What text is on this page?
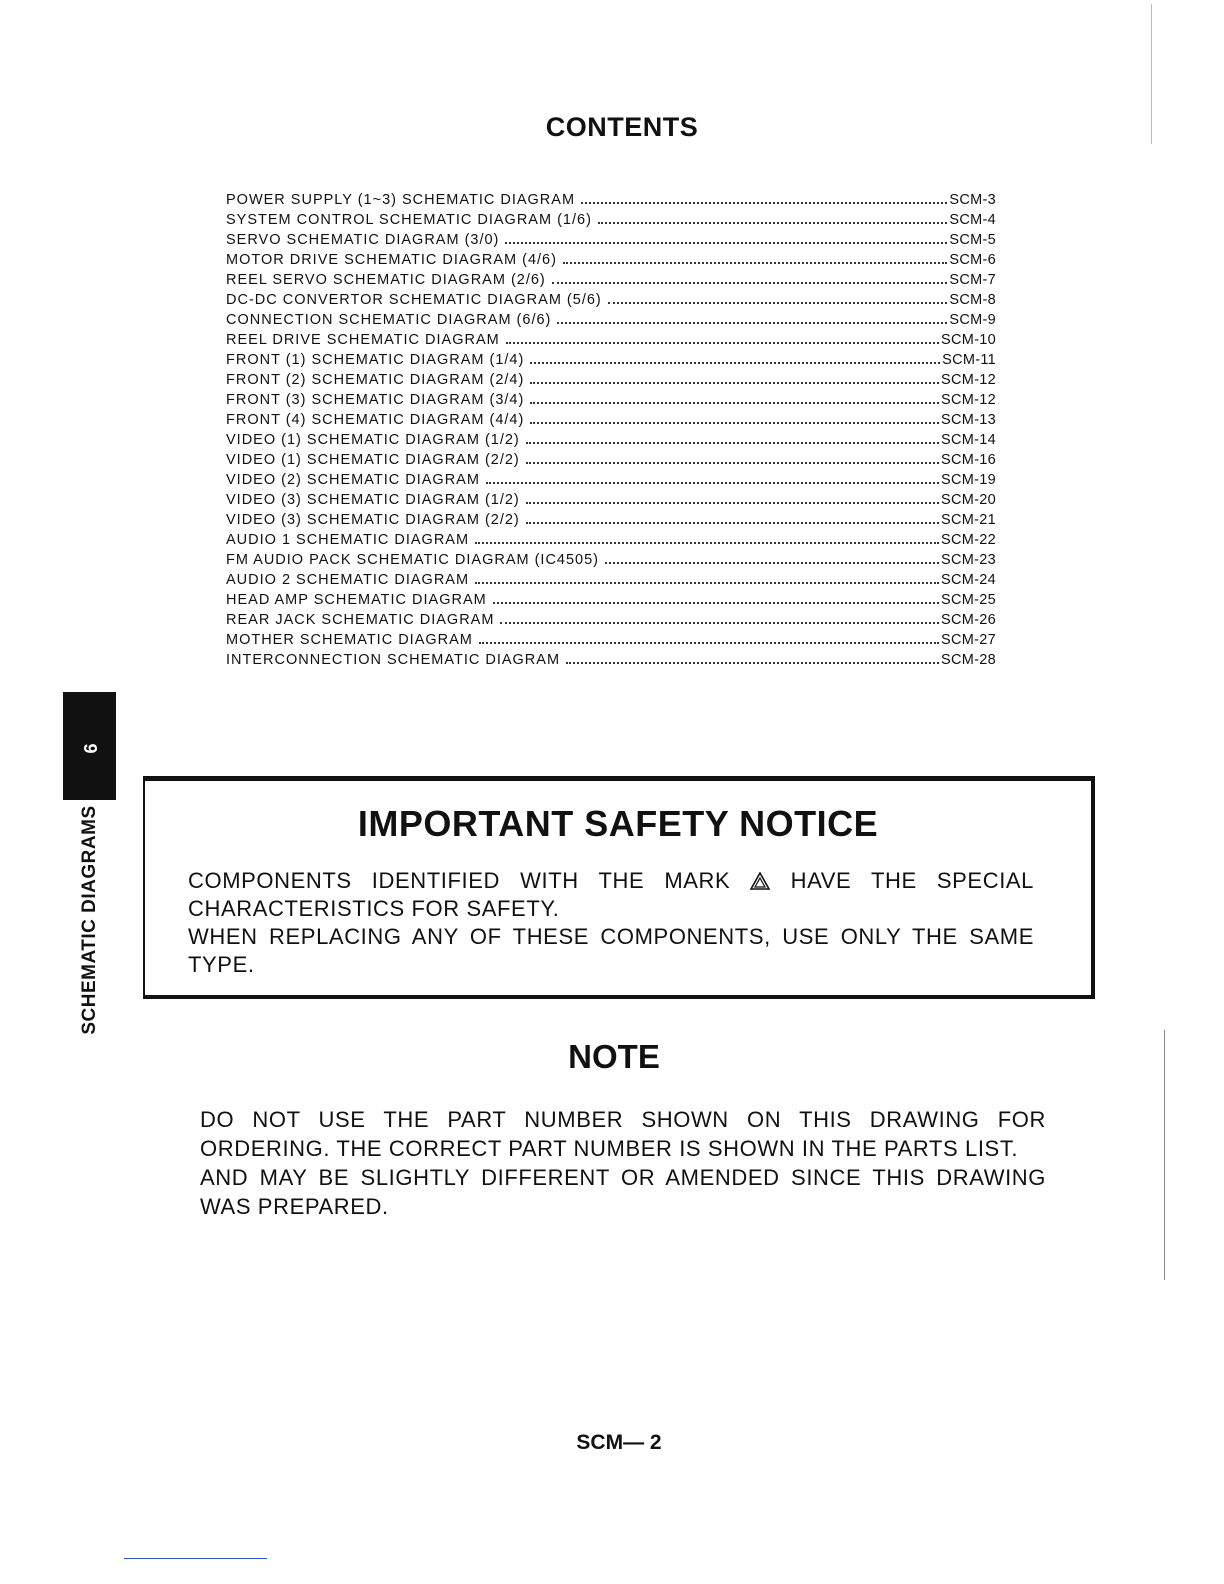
CONTENTS
POWER SUPPLY (1~3) SCHEMATIC DIAGRAM	SCM-3
SYSTEM CONTROL SCHEMATIC DIAGRAM (1/6)	SCM-4
SERVO SCHEMATIC DIAGRAM (3/0)	SCM-5
MOTOR DRIVE SCHEMATIC DIAGRAM (4/6)	SCM-6
REEL SERVO SCHEMATIC DIAGRAM (2/6)	SCM-7
DC-DC CONVERTOR SCHEMATIC DIAGRAM (5/6)	SCM-8
CONNECTION SCHEMATIC DIAGRAM (6/6)	SCM-9
REEL DRIVE SCHEMATIC DIAGRAM	SCM-10
FRONT (1) SCHEMATIC DIAGRAM (1/4)	SCM-11
FRONT (2) SCHEMATIC DIAGRAM (2/4)	SCM-12
FRONT (3) SCHEMATIC DIAGRAM (3/4)	SCM-12
FRONT (4) SCHEMATIC DIAGRAM (4/4)	SCM-13
VIDEO (1) SCHEMATIC DIAGRAM (1/2)	SCM-14
VIDEO (1) SCHEMATIC DIAGRAM (2/2)	SCM-16
VIDEO (2) SCHEMATIC DIAGRAM	SCM-19
VIDEO (3) SCHEMATIC DIAGRAM (1/2)	SCM-20
VIDEO (3) SCHEMATIC DIAGRAM (2/2)	SCM-21
AUDIO 1 SCHEMATIC DIAGRAM	SCM-22
FM AUDIO PACK SCHEMATIC DIAGRAM (IC4505)	SCM-23
AUDIO 2 SCHEMATIC DIAGRAM	SCM-24
HEAD AMP SCHEMATIC DIAGRAM	SCM-25
REAR JACK SCHEMATIC DIAGRAM	SCM-26
MOTHER SCHEMATIC DIAGRAM	SCM-27
INTERCONNECTION SCHEMATIC DIAGRAM	SCM-28
9
SCHEMATIC DIAGRAMS	IMPORTANT SAFETY NOTICE
COMPONENTS IDENTIFIED WITH THE MARK	HAVE THE SPECIAL
CHARACTERISTICS FOR SAFETY.
WHEN REPLACING ANY OF THESE COMPONENTS, USE ONLY THE SAME
TYPE.
NOTE
DO NOT USE THE PART NUMBER SHOWN ON THIS DRAWING FOR
ORDERING. THE CORRECT PART NUMBER IS SHOWN IN THE PARTS LIST.
AND MAY BE SLIGHTLY DIFFERENT OR AMENDED SINCE THIS DRAWING
WAS PREPARED.
SCM— 2
